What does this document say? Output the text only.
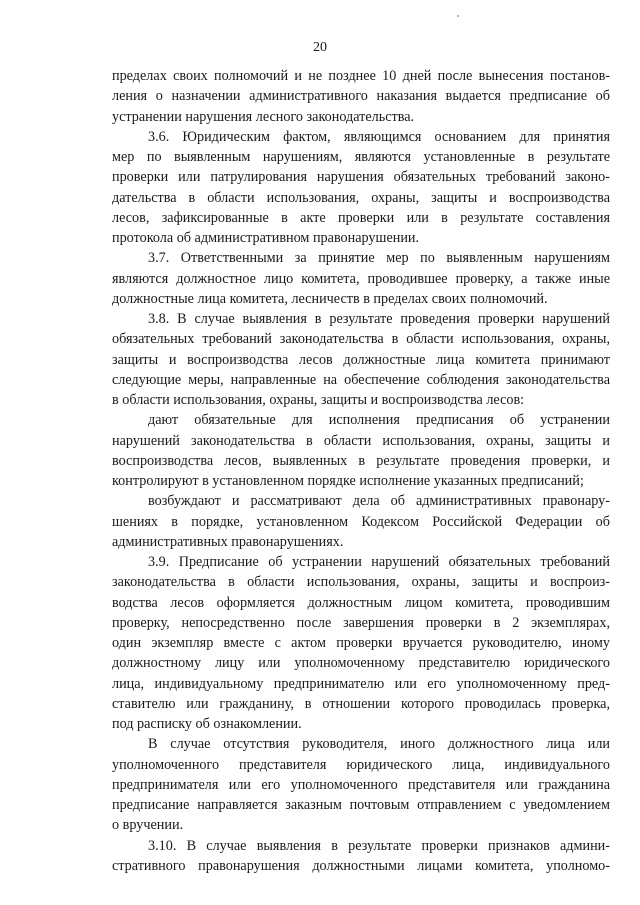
20
пределах своих полномочий и не позднее 10 дней после вынесения постанов-
ления о назначении административного наказания выдается предписание об
устранении нарушения лесного законодательства.
3.6. Юридическим фактом, являющимся основанием для принятия
мер по выявленным нарушениям, являются установленные в результате
проверки или патрулирования нарушения обязательных требований законо-
дательства в области использования, охраны, защиты и воспроизводства
лесов, зафиксированные в акте проверки или в результате составления
протокола об административном правонарушении.
3.7. Ответственными за принятие мер по выявленным нарушениям
являются должностное лицо комитета, проводившее проверку, а также иные
должностные лица комитета, лесничеств в пределах своих полномочий.
3.8. В случае выявления в результате проведения проверки нарушений
обязательных требований законодательства в области использования, охраны,
защиты и воспроизводства лесов должностные лица комитета принимают
следующие меры, направленные на обеспечение соблюдения законодательства
в области использования, охраны, защиты и воспроизводства лесов:
дают обязательные для исполнения предписания об устранении
нарушений законодательства в области использования, охраны, защиты и
воспроизводства лесов, выявленных в результате проведения проверки, и
контролируют в установленном порядке исполнение указанных предписаний;
возбуждают и рассматривают дела об административных правонару-
шениях в порядке, установленном Кодексом Российской Федерации об
административных правонарушениях.
3.9. Предписание об устранении нарушений обязательных требований
законодательства в области использования, охраны, защиты и воспроиз-
водства лесов оформляется должностным лицом комитета, проводившим
проверку, непосредственно после завершения проверки в 2 экземплярах,
один экземпляр вместе с актом проверки вручается руководителю, иному
должностному лицу или уполномоченному представителю юридического
лица, индивидуальному предпринимателю или его уполномоченному пред-
ставителю или гражданину, в отношении которого проводилась проверка,
под расписку об ознакомлении.
В случае отсутствия руководителя, иного должностного лица или
уполномоченного представителя юридического лица, индивидуального
предпринимателя или его уполномоченного представителя или гражданина
предписание направляется заказным почтовым отправлением с уведомлением
о вручении.
3.10. В случае выявления в результате проверки признаков админи-
стративного правонарушения должностными лицами комитета, уполномо-
